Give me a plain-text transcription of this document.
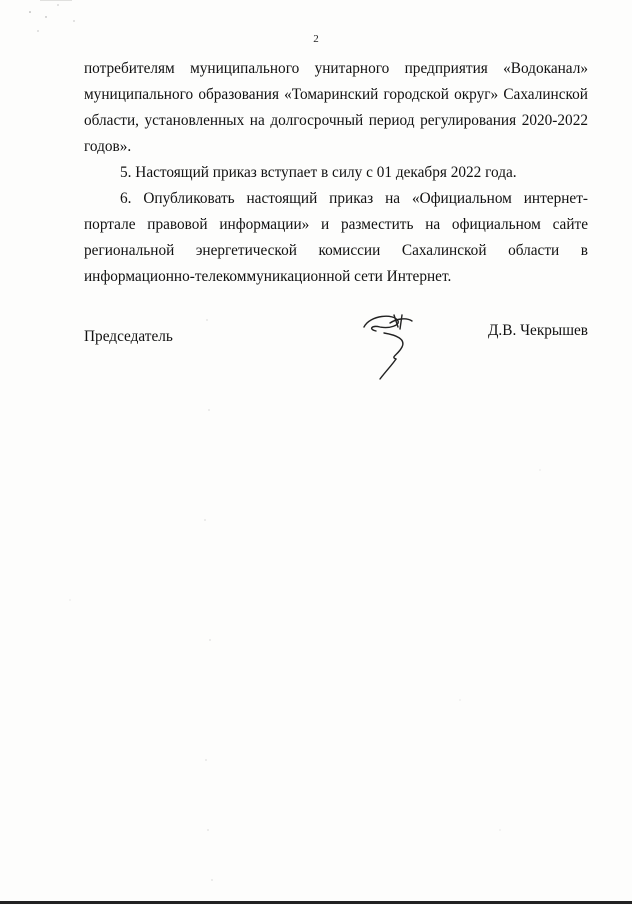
2

потребителям муниципального унитарного предприятия «Водоканал» муниципального образования «Томаринский городской округ» Сахалинской области, установленных на долгосрочный период регулирования 2020-2022 годов».

5. Настоящий приказ вступает в силу с 01 декабря 2022 года.

6. Опубликовать настоящий приказ на «Официальном интернет-портале правовой информации» и разместить на официальном сайте региональной энергетической комиссии Сахалинской области в информационно-телекоммуникационной сети Интернет.

Председатель	Д.В. Чекрышев
